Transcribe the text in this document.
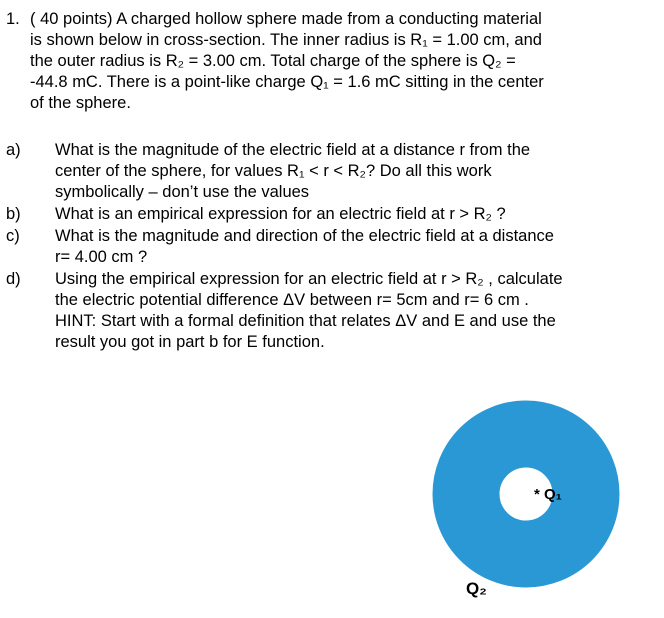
1. ( 40 points) A charged hollow sphere made from a conducting material
is shown below in cross-section. The inner radius is R₁ = 1.00 cm, and
the outer radius is R₂ = 3.00 cm. Total charge of the sphere is Q₂ =
-44.8 mC. There is a point-like charge Q₁ = 1.6 mC sitting in the center
of the sphere.
a) What is the magnitude of the electric field at a distance r from the
center of the sphere, for values R₁ < r < R₂? Do all this work
symbolically – don’t use the values
b) What is an empirical expression for an electric field at r > R₂ ?
c) What is the magnitude and direction of the electric field at a distance
r= 4.00 cm ?
d) Using the empirical expression for an electric field at r > R₂ , calculate
the electric potential difference ΔV between r= 5cm and r= 6 cm .
HINT: Start with a formal definition that relates ΔV and E and use the
result you got in part b for E function.
* Q₁
Q₂
